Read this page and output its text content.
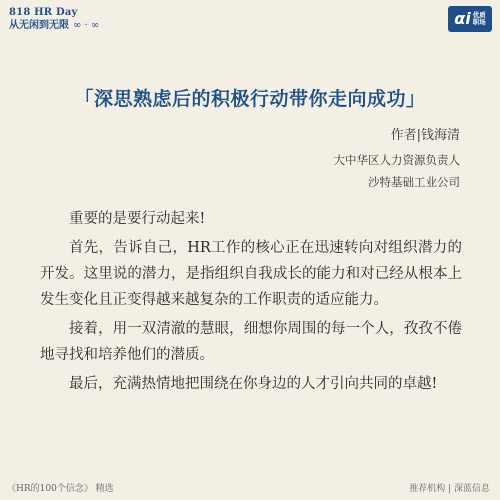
818 HR Day
从无闲到无限 ∞ · ∞	αi 优质
职场
「深思熟虑后的积极行动带你走向成功」
作者|钱海清
大中华区人力资源负责人
沙特基础工业公司

重要的是要行动起来!

首先，告诉自己，HR工作的核心正在迅速转向对组织潜力的开发。这里说的潜力，是指组织自我成长的能力和对已经从根本上发生变化且正变得越来越复杂的工作职责的适应能力。

接着，用一双清澈的慧眼，细想你周围的每一个人，孜孜不倦地寻找和培养他们的潜质。

最后，充满热情地把围绕在你身边的人才引向共同的卓越!

《HR的100个信念》 精选	推荐机构 | 深蓝信息
